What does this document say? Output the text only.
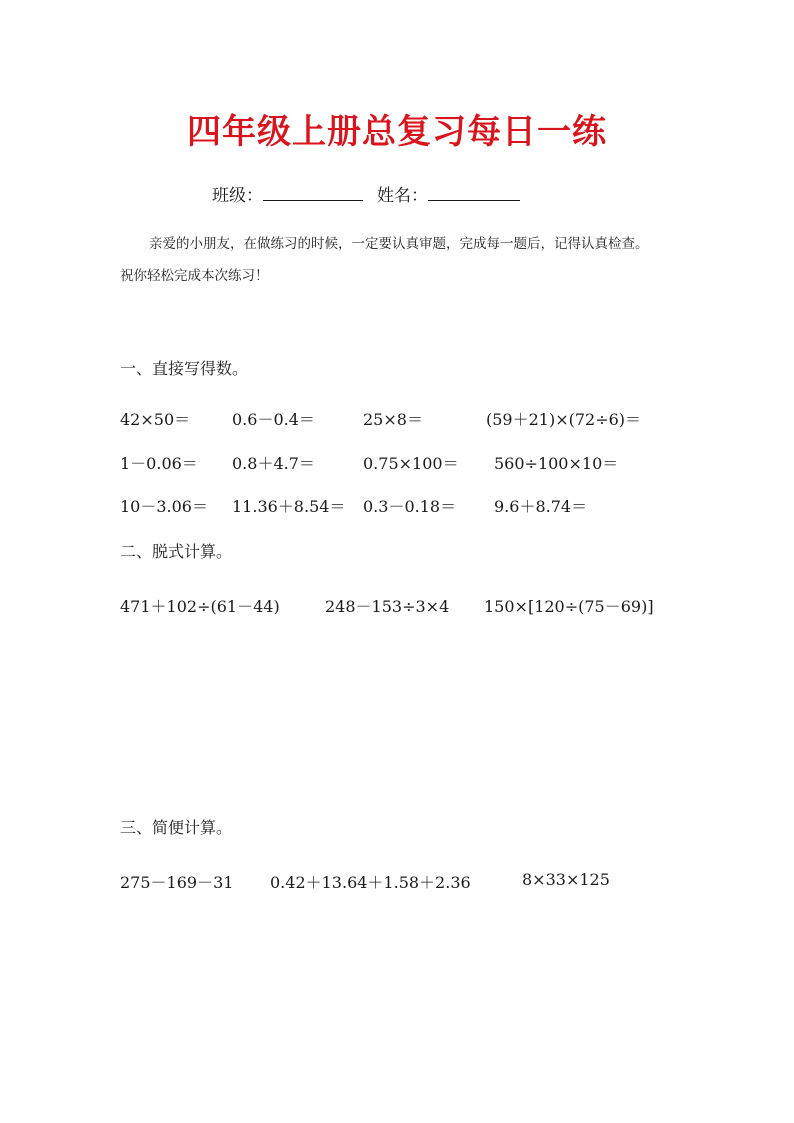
四年级上册总复习每日一练
班级：	姓名：
亲爱的小朋友，在做练习的时候，一定要认真审题，完成每一题后，记得认真检查。
祝你轻松完成本次练习！
一、直接写得数。
42×50＝	0.6－0.4＝	25×8＝	(59＋21)×(72÷6)＝
1－0.06＝ 0.8＋4.7＝	0.75×100＝ 560÷100×10＝
10－3.06＝ 11.36＋8.54＝ 0.3－0.18＝ 9.6＋8.74＝
二、脱式计算。
471＋102÷(61－44)	248－153÷3×4 150×[120÷(75－69)]
三、简便计算。
275－169－31 0.42＋13.64＋1.58＋2.36	8×33×125
